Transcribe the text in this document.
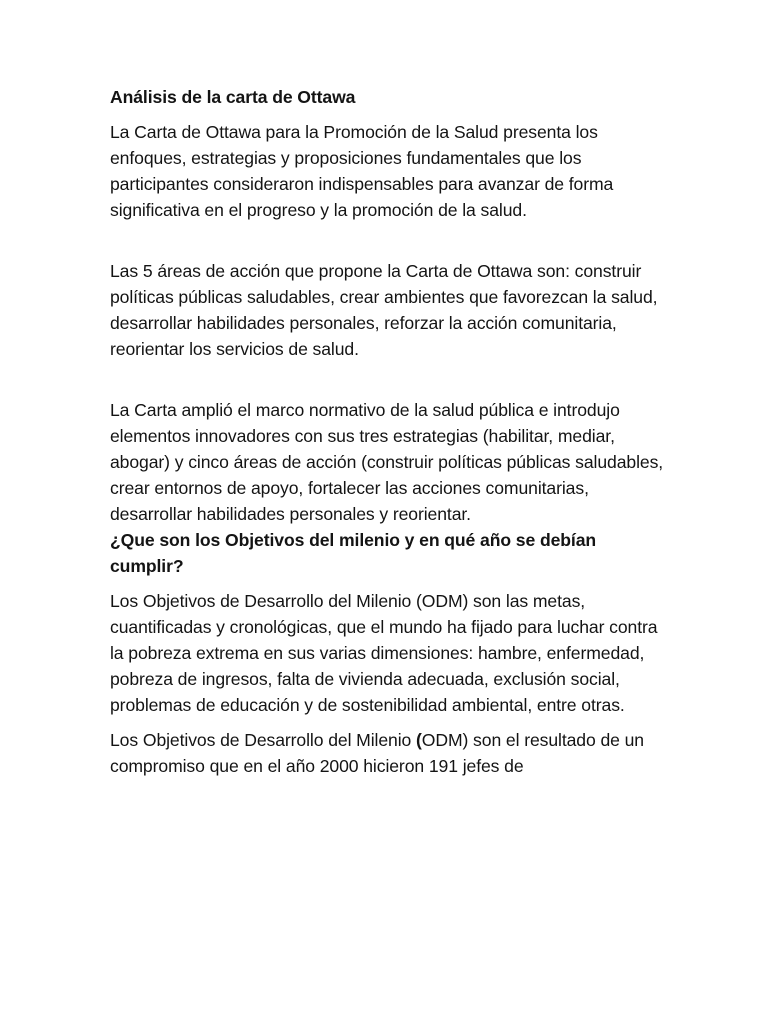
Análisis de la carta de Ottawa

La Carta de Ottawa para la Promoción de la Salud presenta los enfoques, estrategias y proposiciones fundamentales que los participantes consideraron indispensables para avanzar de forma significativa en el progreso y la promoción de la salud.

Las 5 áreas de acción que propone la Carta de Ottawa son: construir políticas públicas saludables, crear ambientes que favorezcan la salud, desarrollar habilidades personales, reforzar la acción comunitaria, reorientar los servicios de salud.

La Carta amplió el marco normativo de la salud pública e introdujo elementos innovadores con sus tres estrategias (habilitar, mediar, abogar) y cinco áreas de acción (construir políticas públicas saludables, crear entornos de apoyo, fortalecer las acciones comunitarias, desarrollar habilidades personales y reorientar.

¿Que son los Objetivos del milenio y en qué año se debían cumplir?

Los Objetivos de Desarrollo del Milenio (ODM) son las metas, cuantificadas y cronológicas, que el mundo ha fijado para luchar contra la pobreza extrema en sus varias dimensiones: hambre, enfermedad, pobreza de ingresos, falta de vivienda adecuada, exclusión social, problemas de educación y de sostenibilidad ambiental, entre otras.

Los Objetivos de Desarrollo del Milenio (ODM) son el resultado de un compromiso que en el año 2000 hicieron 191 jefes de
